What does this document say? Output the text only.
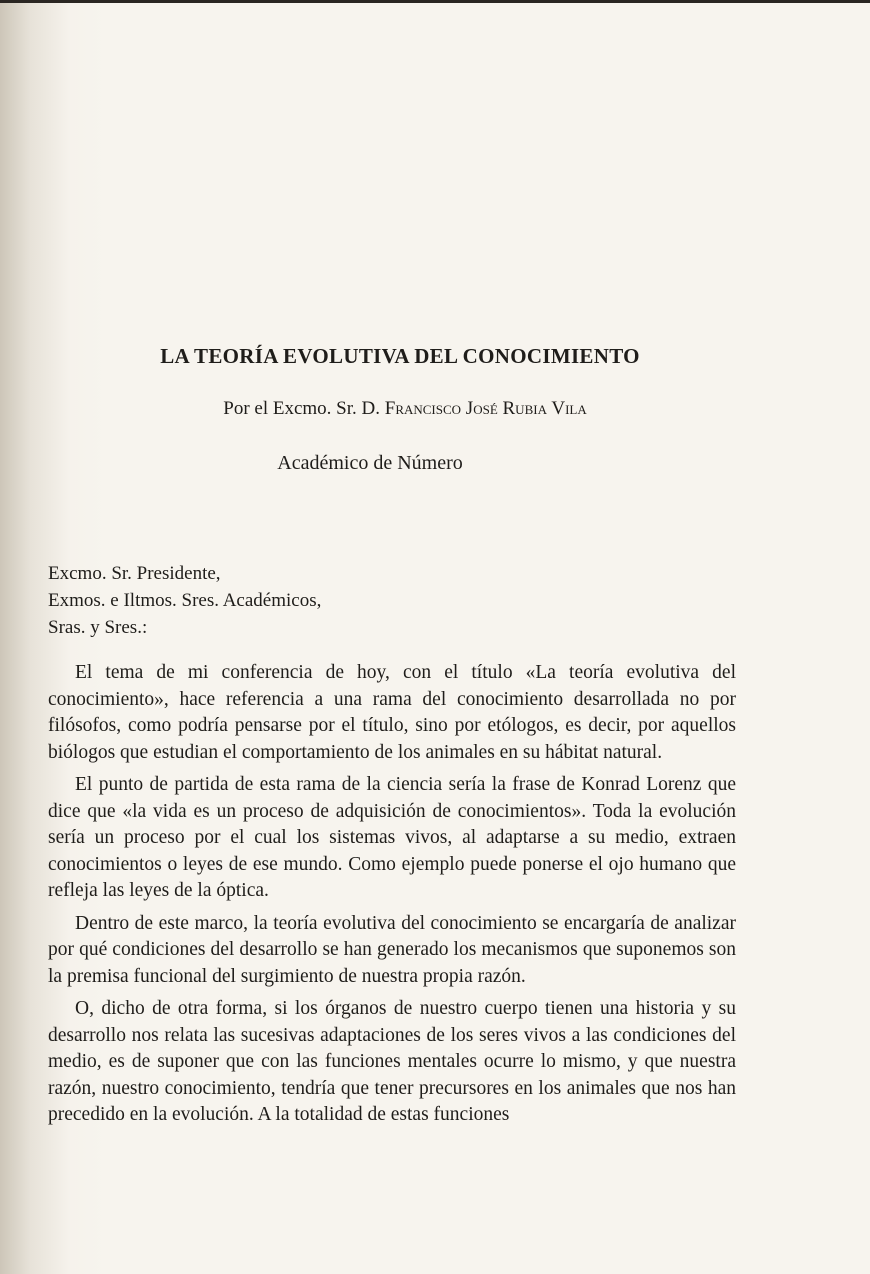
LA TEORÍA EVOLUTIVA DEL CONOCIMIENTO

Por el Excmo. Sr. D. Francisco José Rubia Vila

Académico de Número

Excmo. Sr. Presidente,
Exmos. e Iltmos. Sres. Académicos,
Sras. y Sres.:

El tema de mi conferencia de hoy, con el título «La teoría evolutiva del conocimiento», hace referencia a una rama del conocimiento desarrollada no por filósofos, como podría pensarse por el título, sino por etólogos, es decir, por aquellos biólogos que estudian el comportamiento de los animales en su hábitat natural.

El punto de partida de esta rama de la ciencia sería la frase de Konrad Lorenz que dice que «la vida es un proceso de adquisición de conocimientos». Toda la evolución sería un proceso por el cual los sistemas vivos, al adaptarse a su medio, extraen conocimientos o leyes de ese mundo. Como ejemplo puede ponerse el ojo humano que refleja las leyes de la óptica.

Dentro de este marco, la teoría evolutiva del conocimiento se encargaría de analizar por qué condiciones del desarrollo se han generado los mecanismos que suponemos son la premisa funcional del surgimiento de nuestra propia razón.

O, dicho de otra forma, si los órganos de nuestro cuerpo tienen una historia y su desarrollo nos relata las sucesivas adaptaciones de los seres vivos a las condiciones del medio, es de suponer que con las funciones mentales ocurre lo mismo, y que nuestra razón, nuestro conocimiento, tendría que tener precursores en los animales que nos han precedido en la evolución. A la totalidad de estas funciones
